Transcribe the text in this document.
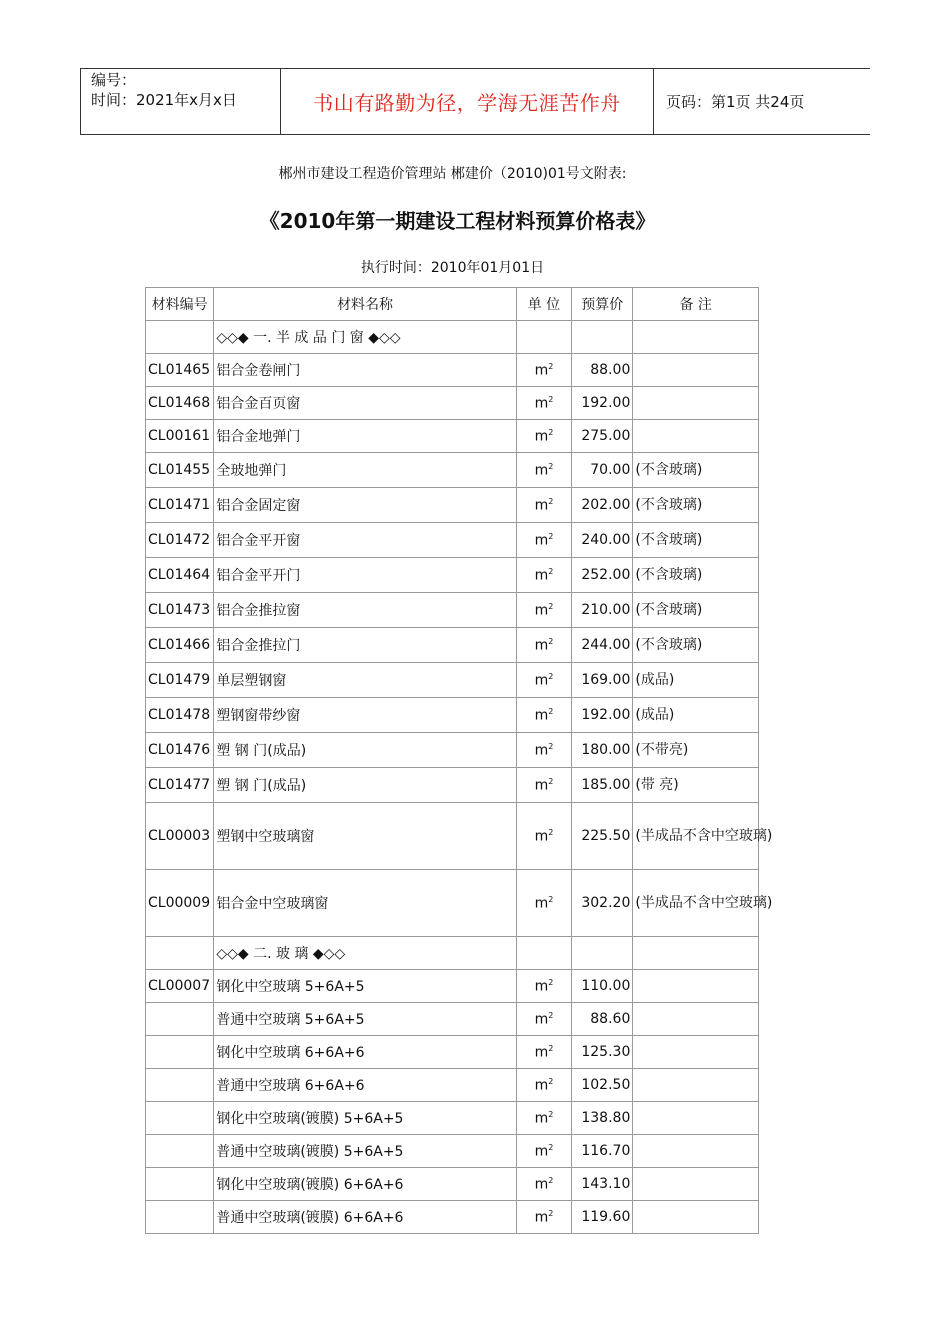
编号：
时间：2021年x月x日	书山有路勤为径，学海无涯苦作舟	页码：第1页 共24页
郴州市建设工程造价管理站 郴建价（2010)01号文附表:
《2010年第一期建设工程材料预算价格表》
执行时间：2010年01月01日
材料编号	材料名称	单 位	预算价	备 注
	◇◇◆ 一. 半 成 品 门 窗 ◆◇◇			
CL01465	铝合金卷闸门	$m^2$	88.00	
CL01468	铝合金百页窗	$m^2$	192.00	
CL00161	铝合金地弹门	$m^2$	275.00	
CL01455	全玻地弹门	$m^2$	70.00	(不含玻璃)
CL01471	铝合金固定窗	$m^2$	202.00	(不含玻璃)
CL01472	铝合金平开窗	$m^2$	240.00	(不含玻璃)
CL01464	铝合金平开门	$m^2$	252.00	(不含玻璃)
CL01473	铝合金推拉窗	$m^2$	210.00	(不含玻璃)
CL01466	铝合金推拉门	$m^2$	244.00	(不含玻璃)
CL01479	单层塑钢窗	$m^2$	169.00	(成品)
CL01478	塑钢窗带纱窗	$m^2$	192.00	(成品)
CL01476	塑 钢 门(成品)	$m^2$	180.00	(不带亮)
CL01477	塑 钢 门(成品)	$m^2$	185.00	(带 亮)
CL00003	塑钢中空玻璃窗	$m^2$	225.50	(半成品不含中空玻璃)
CL00009	铝合金中空玻璃窗	$m^2$	302.20	(半成品不含中空玻璃)
	◇◇◆ 二. 玻 璃 ◆◇◇			
CL00007	钢化中空玻璃 5+6A+5	$m^2$	110.00	
	普通中空玻璃 5+6A+5	$m^2$	88.60	
	钢化中空玻璃 6+6A+6	$m^2$	125.30	
	普通中空玻璃 6+6A+6	$m^2$	102.50	
	钢化中空玻璃(镀膜) 5+6A+5	$m^2$	138.80	
	普通中空玻璃(镀膜) 5+6A+5	$m^2$	116.70	
	钢化中空玻璃(镀膜) 6+6A+6	$m^2$	143.10	
	普通中空玻璃(镀膜) 6+6A+6	$m^2$	119.60	
